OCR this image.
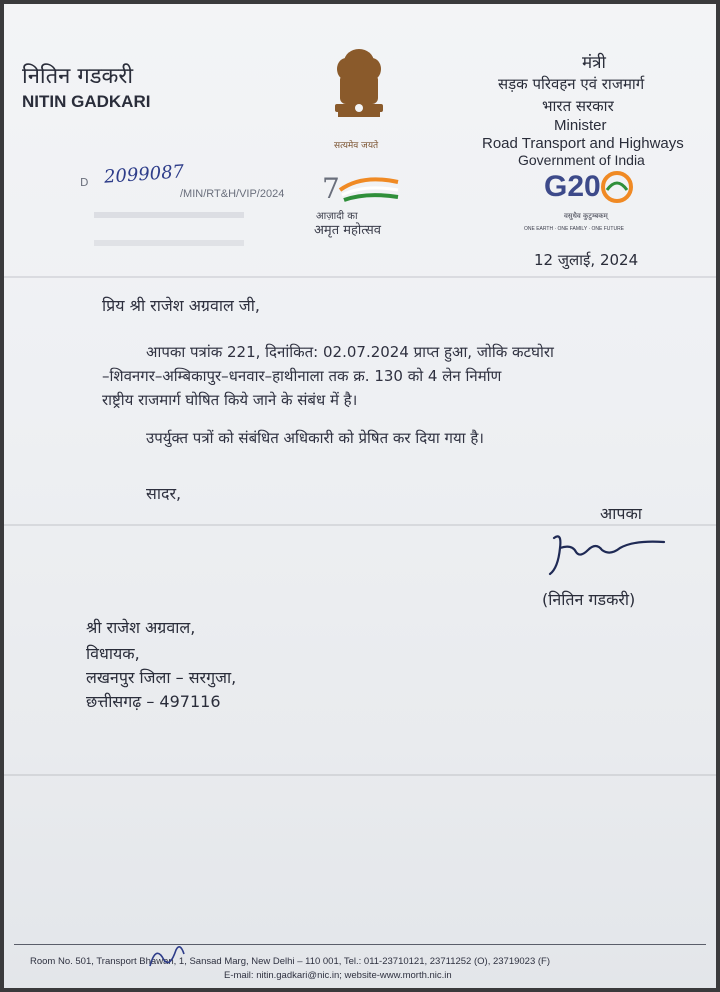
नितिन गडकरी
NITIN GADKARI
सत्यमेव जयते
मंत्री
सड़क परिवहन एवं राजमार्ग
भारत सरकार
Minister
Road Transport and Highways
Government of India
D 2099087
/MIN/RT&H/VIP/2024 7
आज़ादी का
अमृत महोत्सव
G20
वसुधैव कुटुम्बकम्
ONE EARTH · ONE FAMILY · ONE FUTURE
12 जुलाई, 2024
प्रिय श्री राजेश अग्रवाल जी,
आपका पत्रांक 221, दिनांकित: 02.07.2024 प्राप्त हुआ, जोकि कटघोरा
–शिवनगर–अम्बिकापुर–धनवार–हाथीनाला तक क्र. 130 को 4 लेन निर्माण
राष्ट्रीय राजमार्ग घोषित किये जाने के संबंध में है।
उपर्युक्त पत्रों को संबंधित अधिकारी को प्रेषित कर दिया गया है।
सादर,
आपका
(नितिन गडकरी)
श्री राजेश अग्रवाल,
विधायक,
लखनपुर जिला – सरगुजा,
छत्तीसगढ़ – 497116
Room No. 501, Transport Bhawan, 1, Sansad Marg, New Delhi – 110 001, Tel.: 011-23710121, 23711252 (O), 23719023 (F)
E-mail: nitin.gadkari@nic.in; website-www.morth.nic.in
